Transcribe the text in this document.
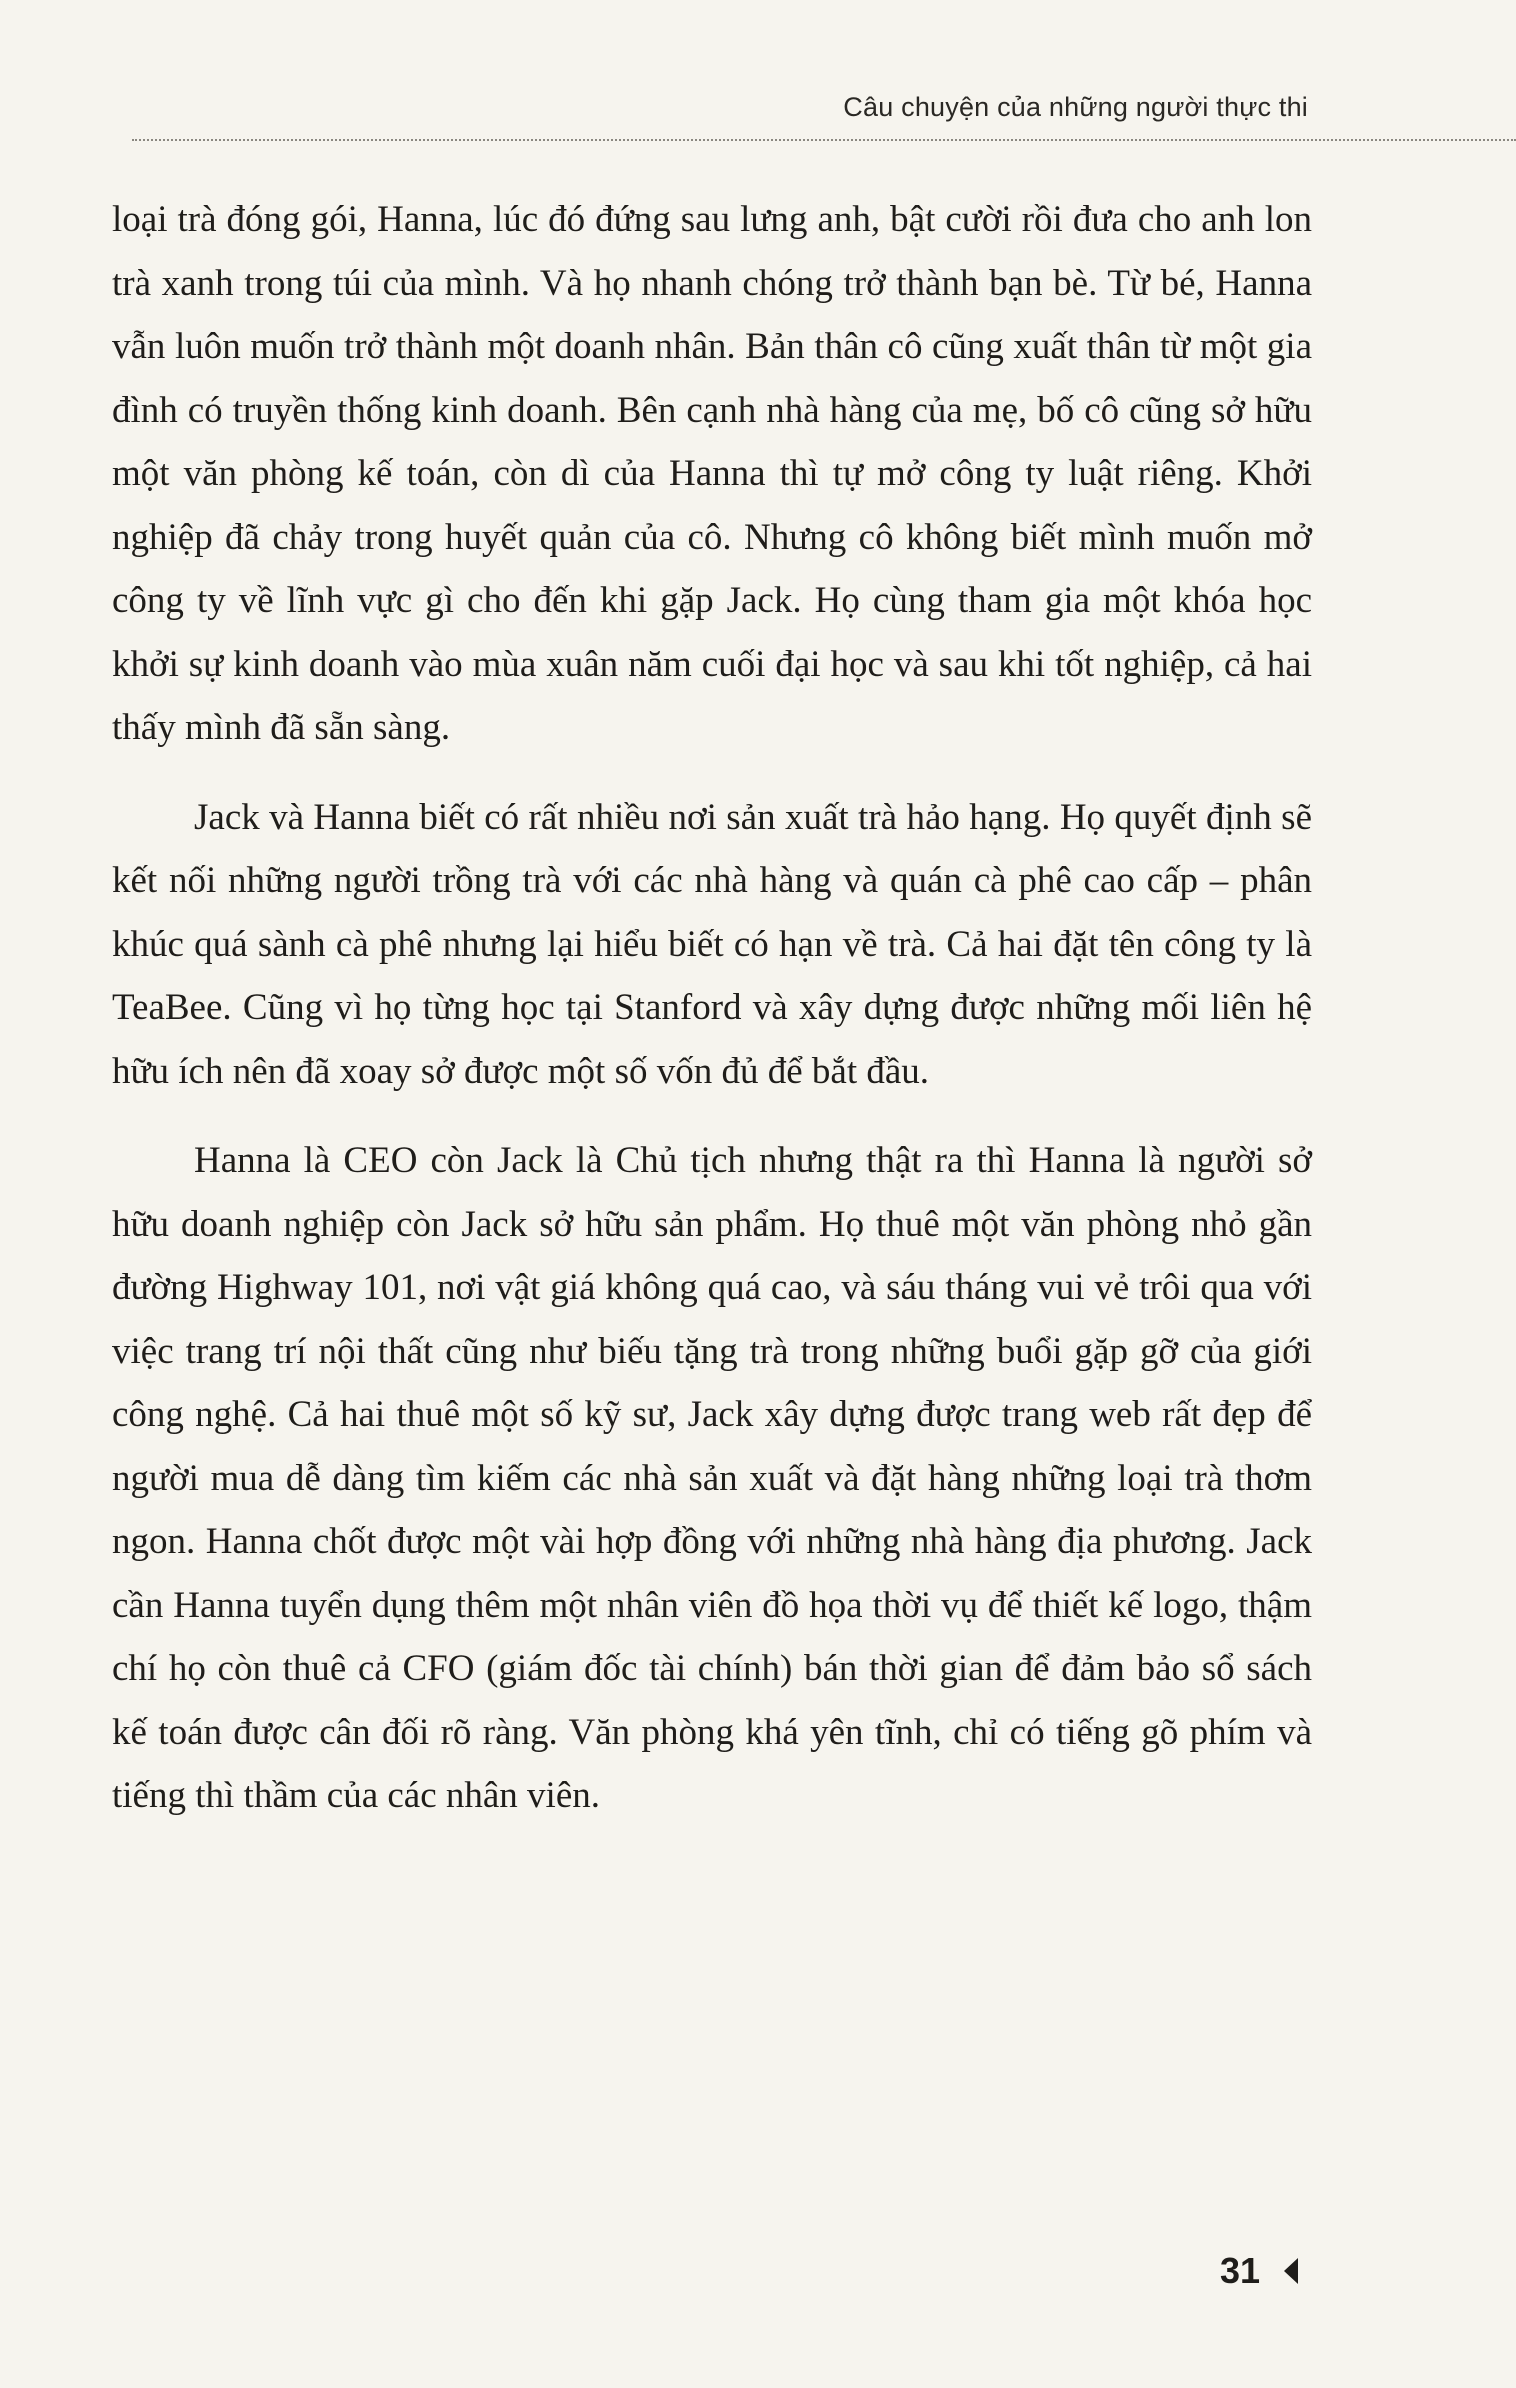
Câu chuyện của những người thực thi

loại trà đóng gói, Hanna, lúc đó đứng sau lưng anh, bật cười rồi đưa cho anh lon trà xanh trong túi của mình. Và họ nhanh chóng trở thành bạn bè. Từ bé, Hanna vẫn luôn muốn trở thành một doanh nhân. Bản thân cô cũng xuất thân từ một gia đình có truyền thống kinh doanh. Bên cạnh nhà hàng của mẹ, bố cô cũng sở hữu một văn phòng kế toán, còn dì của Hanna thì tự mở công ty luật riêng. Khởi nghiệp đã chảy trong huyết quản của cô. Nhưng cô không biết mình muốn mở công ty về lĩnh vực gì cho đến khi gặp Jack. Họ cùng tham gia một khóa học khởi sự kinh doanh vào mùa xuân năm cuối đại học và sau khi tốt nghiệp, cả hai thấy mình đã sẵn sàng.

Jack và Hanna biết có rất nhiều nơi sản xuất trà hảo hạng. Họ quyết định sẽ kết nối những người trồng trà với các nhà hàng và quán cà phê cao cấp – phân khúc quá sành cà phê nhưng lại hiểu biết có hạn về trà. Cả hai đặt tên công ty là TeaBee. Cũng vì họ từng học tại Stanford và xây dựng được những mối liên hệ hữu ích nên đã xoay sở được một số vốn đủ để bắt đầu.

Hanna là CEO còn Jack là Chủ tịch nhưng thật ra thì Hanna là người sở hữu doanh nghiệp còn Jack sở hữu sản phẩm. Họ thuê một văn phòng nhỏ gần đường Highway 101, nơi vật giá không quá cao, và sáu tháng vui vẻ trôi qua với việc trang trí nội thất cũng như biếu tặng trà trong những buổi gặp gỡ của giới công nghệ. Cả hai thuê một số kỹ sư, Jack xây dựng được trang web rất đẹp để người mua dễ dàng tìm kiếm các nhà sản xuất và đặt hàng những loại trà thơm ngon. Hanna chốt được một vài hợp đồng với những nhà hàng địa phương. Jack cần Hanna tuyển dụng thêm một nhân viên đồ họa thời vụ để thiết kế logo, thậm chí họ còn thuê cả CFO (giám đốc tài chính) bán thời gian để đảm bảo sổ sách kế toán được cân đối rõ ràng. Văn phòng khá yên tĩnh, chỉ có tiếng gõ phím và tiếng thì thầm của các nhân viên.

31
